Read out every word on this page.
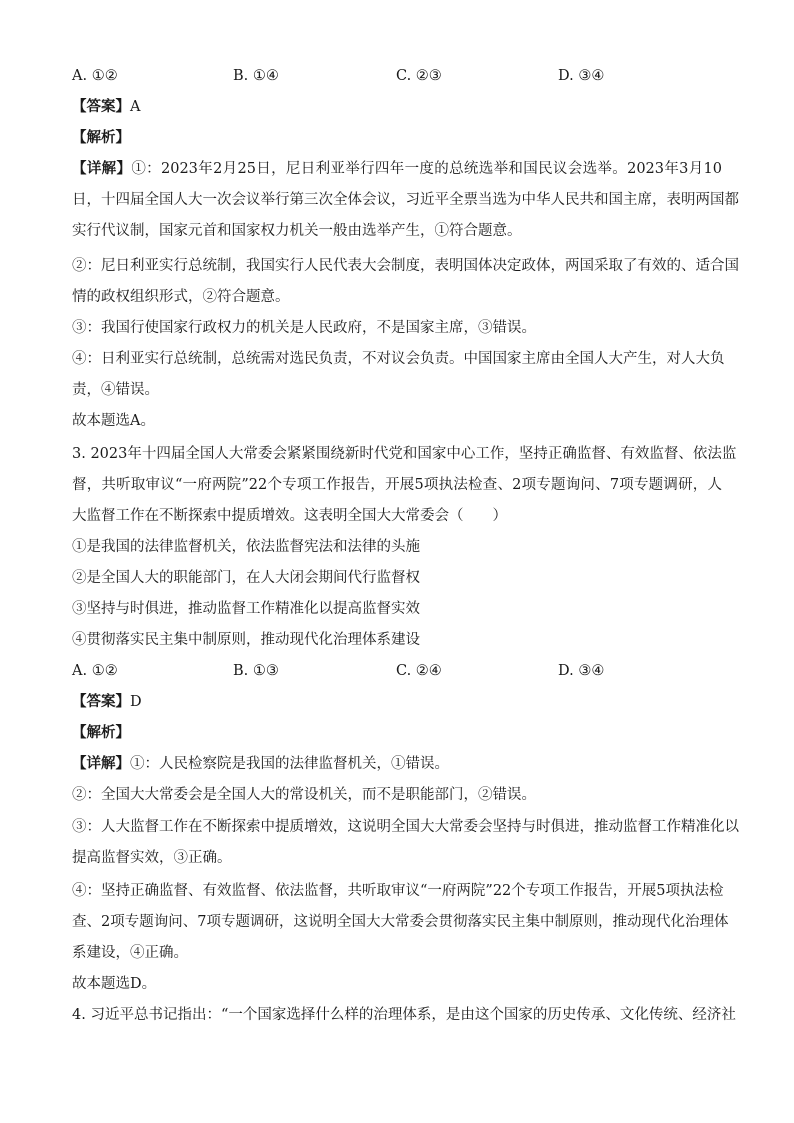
A. ①②	B. ①④	C. ②③	D. ③④
【答案】A
【解析】
【详解】①：2023年2月25日，尼日利亚举行四年一度的总统选举和国民议会选举。2023年3月10
日，十四届全国人大一次会议举行第三次全体会议，习近平全票当选为中华人民共和国主席，表明两国都
实行代议制，国家元首和国家权力机关一般由选举产生，①符合题意。
②：尼日利亚实行总统制，我国实行人民代表大会制度，表明国体决定政体，两国采取了有效的、适合国
情的政权组织形式，②符合题意。
③：我国行使国家行政权力的机关是人民政府，不是国家主席，③错误。
④：日利亚实行总统制，总统需对选民负责，不对议会负责。中国国家主席由全国人大产生，对人大负
责，④错误。
故本题选A。
3. 2023年十四届全国人大常委会紧紧围绕新时代党和国家中心工作，坚持正确监督、有效监督、依法监
督，共听取审议“一府两院”22个专项工作报告，开展5项执法检查、2项专题询问、7项专题调研，人
大监督工作在不断探索中提质增效。这表明全国大大常委会（　　）
①是我国的法律监督机关，依法监督宪法和法律的头施
②是全国人大的职能部门，在人大闭会期间代行监督权
③坚持与时俱进，推动监督工作精准化以提高监督实效
④贯彻落实民主集中制原则，推动现代化治理体系建设
A. ①②	B. ①③	C. ②④	D. ③④
【答案】D
【解析】
【详解】①：人民检察院是我国的法律监督机关，①错误。
②：全国大大常委会是全国人大的常设机关，而不是职能部门，②错误。
③：人大监督工作在不断探索中提质增效，这说明全国大大常委会坚持与时俱进，推动监督工作精准化以
提高监督实效，③正确。
④：坚持正确监督、有效监督、依法监督，共听取审议“一府两院”22个专项工作报告，开展5项执法检
查、2项专题询问、7项专题调研，这说明全国大大常委会贯彻落实民主集中制原则，推动现代化治理体
系建设，④正确。
故本题选D。
4. 习近平总书记指出：“一个国家选择什么样的治理体系，是由这个国家的历史传承、文化传统、经济社
